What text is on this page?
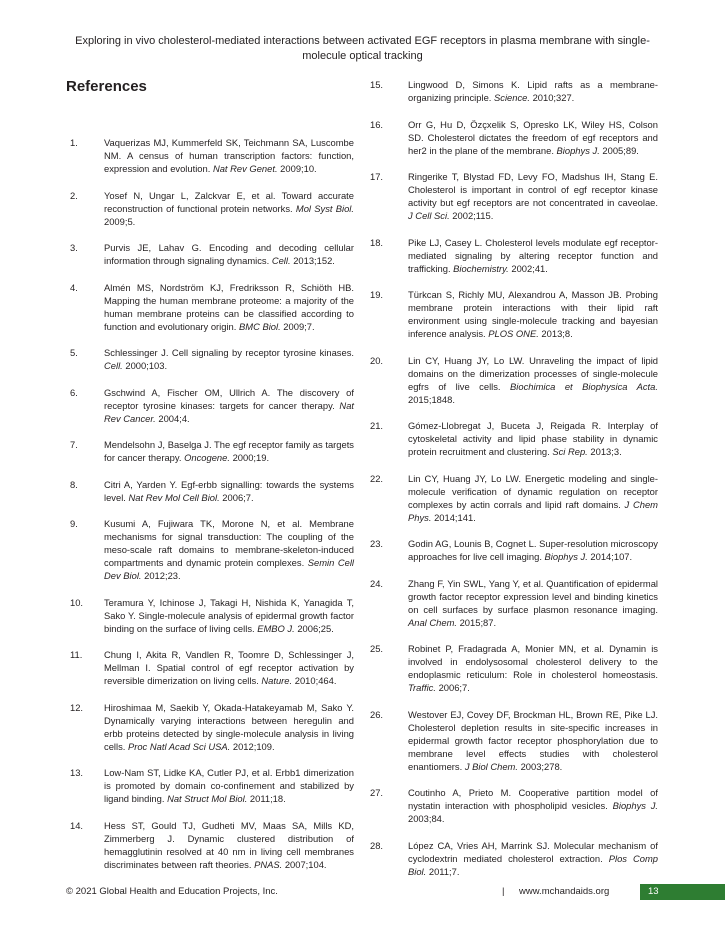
Exploring in vivo cholesterol-mediated interactions between activated EGF receptors in plasma membrane with single-molecule optical tracking
References
1.	Vaquerizas MJ, Kummerfeld SK, Teichmann SA, Luscombe NM. A census of human transcription factors: function, expression and evolution. Nat Rev Genet. 2009;10.
2.	Yosef N, Ungar L, Zalckvar E, et al. Toward accurate reconstruction of functional protein networks. Mol Syst Biol. 2009;5.
3.	Purvis JE, Lahav G. Encoding and decoding cellular information through signaling dynamics. Cell. 2013;152.
4.	Almén MS, Nordström KJ, Fredriksson R, Schiöth HB. Mapping the human membrane proteome: a majority of the human membrane proteins can be classified according to function and evolutionary origin. BMC Biol. 2009;7.
5.	Schlessinger J. Cell signaling by receptor tyrosine kinases. Cell. 2000;103.
6.	Gschwind A, Fischer OM, Ullrich A. The discovery of receptor tyrosine kinases: targets for cancer therapy. Nat Rev Cancer. 2004;4.
7.	Mendelsohn J, Baselga J. The egf receptor family as targets for cancer therapy. Oncogene. 2000;19.
8.	Citri A, Yarden Y. Egf-erbb signalling: towards the systems level. Nat Rev Mol Cell Biol. 2006;7.
9.	Kusumi A, Fujiwara TK, Morone N, et al. Membrane mechanisms for signal transduction: The coupling of the meso-scale raft domains to membrane-skeleton-induced compartments and dynamic protein complexes. Semin Cell Dev Biol. 2012;23.
10. Teramura Y, Ichinose J, Takagi H, Nishida K, Yanagida T, Sako Y. Single-molecule analysis of epidermal growth factor binding on the surface of living cells. EMBO J. 2006;25.
11. Chung I, Akita R, Vandlen R, Toomre D, Schlessinger J, Mellman I. Spatial control of egf receptor activation by reversible dimerization on living cells. Nature. 2010;464.
12. Hiroshimaa M, Saekib Y, Okada-Hatakeyamab M, Sako Y. Dynamically varying interactions between heregulin and erbb proteins detected by single-molecule analysis in living cells. Proc Natl Acad Sci USA. 2012;109.
13. Low-Nam ST, Lidke KA, Cutler PJ, et al. Erbb1 dimerization is promoted by domain co-confinement and stabilized by ligand binding. Nat Struct Mol Biol. 2011;18.
14. Hess ST, Gould TJ, Gudheti MV, Maas SA, Mills KD, Zimmerberg J. Dynamic clustered distribution of hemagglutinin resolved at 40 nm in living cell membranes discriminates between raft theories. PNAS. 2007;104.
15.	Lingwood D, Simons K. Lipid rafts as a membrane-organizing principle. Science. 2010;327.
16.	Orr G, Hu D, Özçxelik S, Opresko LK, Wiley HS, Colson SD. Cholesterol dictates the freedom of egf receptors and her2 in the plane of the membrane. Biophys J. 2005;89.
17.	Ringerike T, Blystad FD, Levy FO, Madshus IH, Stang E. Cholesterol is important in control of egf receptor kinase activity but egf receptors are not concentrated in caveolae. J Cell Sci. 2002;115.
18.	Pike LJ, Casey L. Cholesterol levels modulate egf receptor-mediated signaling by altering receptor function and trafficking. Biochemistry. 2002;41.
19.	Türkcan S, Richly MU, Alexandrou A, Masson JB. Probing membrane protein interactions with their lipid raft environment using single-molecule tracking and bayesian inference analysis. PLOS ONE. 2013;8.
20.	Lin CY, Huang JY, Lo LW. Unraveling the impact of lipid domains on the dimerization processes of single-molecule egfrs of live cells. Biochimica et Biophysica Acta. 2015;1848.
21.	Gómez-Llobregat J, Buceta J, Reigada R. Interplay of cytoskeletal activity and lipid phase stability in dynamic protein recruitment and clustering. Sci Rep. 2013;3.
22.	Lin CY, Huang JY, Lo LW. Energetic modeling and single-molecule verification of dynamic regulation on receptor complexes by actin corrals and lipid raft domains. J Chem Phys. 2014;141.
23.	Godin AG, Lounis B, Cognet L. Super-resolution microscopy approaches for live cell imaging. Biophys J. 2014;107.
24.	Zhang F, Yin SWL, Yang Y, et al. Quantification of epidermal growth factor receptor expression level and binding kinetics on cell surfaces by surface plasmon resonance imaging. Anal Chem. 2015;87.
25.	Robinet P, Fradagrada A, Monier MN, et al. Dynamin is involved in endolysosomal cholesterol delivery to the endoplasmic reticulum: Role in cholesterol homeostasis. Traffic. 2006;7.
26.	Westover EJ, Covey DF, Brockman HL, Brown RE, Pike LJ. Cholesterol depletion results in site-specific increases in epidermal growth factor receptor phosphorylation due to membrane level effects studies with cholesterol enantiomers. J Biol Chem. 2003;278.
27.	Coutinho A, Prieto M. Cooperative partition model of nystatin interaction with phospholipid vesicles. Biophys J. 2003;84.
28.	López CA, Vries AH, Marrink SJ. Molecular mechanism of cyclodextrin mediated cholesterol extraction. Plos Comp Biol. 2011;7.
© 2021 Global Health and Education Projects, Inc.	| www.mchandaids.org	13
